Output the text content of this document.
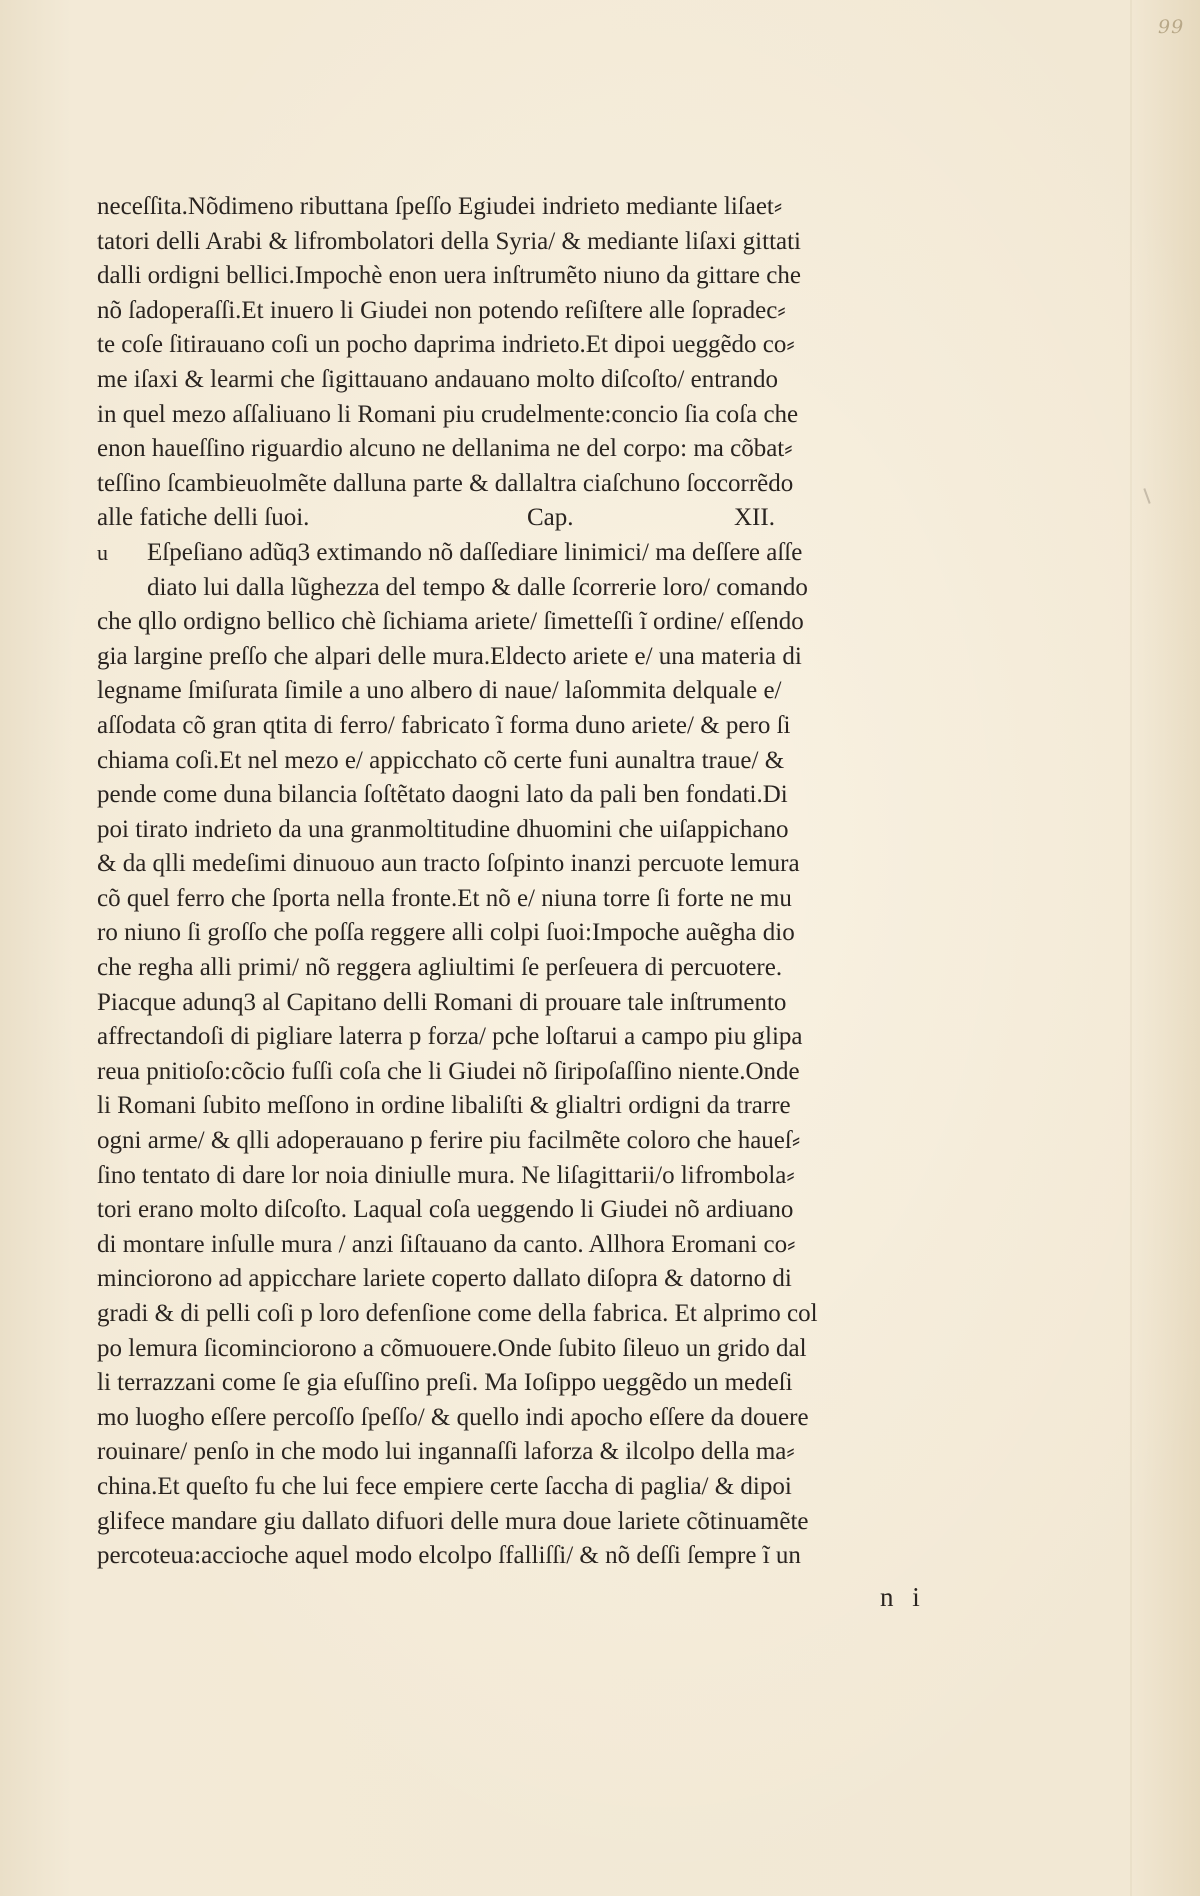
99
neceſſita.Nõdimeno ributtana ſpeſſo Egiudei indrieto mediante liſaet⸗
tatori delli Arabi & lifrombolatori della Syria/ & mediante liſaxi gittati
dalli ordigni bellici.Impochè enon uera inſtrumẽto niuno da gittare che
nõ ſadoperaſſi.Et inuero li Giudei non potendo reſiſtere alle ſopradec⸗
te coſe ſitirauano coſi un pocho daprima indrieto.Et dipoi ueggẽdo co⸗
me iſaxi & learmi che ſigittauano andauano molto diſcoſto/ entrando
in quel mezo aſſaliuano li Romani piu crudelmente:concio ſia coſa che
enon haueſſino riguardio alcuno ne dellanima ne del corpo: ma cõbat⸗
teſſino ſcambieuolmẽte dalluna parte & dallaltra ciaſchuno ſoccorrẽdo
alle fatiche delli ſuoi.	Cap.	XII.
u Eſpeſiano adũq3 extimando nõ daſſediare linimici/ ma deſſere aſſe
diato lui dalla lũghezza del tempo & dalle ſcorrerie loro/ comando
che qllo ordigno bellico chè ſichiama ariete/ ſimetteſſi ĩ ordine/ eſſendo
gia largine preſſo che alpari delle mura.Eldecto ariete e/ una materia di
legname ſmiſurata ſimile a uno albero di naue/ laſommita delquale e/
aſſodata cõ gran qtita di ferro/ fabricato ĩ forma duno ariete/ & pero ſi
chiama coſi.Et nel mezo e/ appicchato cõ certe funi aunaltra traue/ &
pende come duna bilancia ſoſtẽtato daogni lato da pali ben fondati.Di
poi tirato indrieto da una granmoltitudine dhuomini che uiſappichano
& da qlli medeſimi dinuouo aun tracto ſoſpinto inanzi percuote lemura
cõ quel ferro che ſporta nella fronte.Et nõ e/ niuna torre ſi forte ne mu
ro niuno ſi groſſo che poſſa reggere alli colpi ſuoi:Impoche auẽgha dio
che regha alli primi/ nõ reggera agliultimi ſe perſeuera di percuotere.
Piacque adunq3 al Capitano delli Romani di prouare tale inſtrumento
affrectandoſi di pigliare laterra p forza/ pche loſtarui a campo piu glipa
reua pnitioſo:cõcio fuſſi coſa che li Giudei nõ ſiripoſaſſino niente.Onde
li Romani ſubito meſſono in ordine libaliſti & glialtri ordigni da trarre
ogni arme/ & qlli adoperauano p ferire piu facilmẽte coloro che haueſ⸗
ſino tentato di dare lor noia diniulle mura. Ne liſagittarii/o lifrombola⸗
tori erano molto diſcoſto. Laqual coſa ueggendo li Giudei nõ ardiuano
di montare inſulle mura / anzi ſiſtauano da canto. Allhora Eromani co⸗
minciorono ad appicchare lariete coperto dallato diſopra & datorno di
gradi & di pelli coſi p loro defenſione come della fabrica. Et alprimo col
po lemura ſicominciorono a cõmuouere.Onde ſubito ſileuo un grido dal
li terrazzani come ſe gia eſuſſino preſi. Ma Ioſippo ueggẽdo un medeſi
mo luogho eſſere percoſſo ſpeſſo/ & quello indi apocho eſſere da douere
rouinare/ penſo in che modo lui ingannaſſi laforza & ilcolpo della ma⸗
china.Et queſto fu che lui fece empiere certe ſaccha di paglia/ & dipoi
glifece mandare giu dallato difuori delle mura doue lariete cõtinuamẽte
percoteua:accioche aquel modo elcolpo ſfalliſſi/ & nõ deſſi ſempre ĩ un
n i
